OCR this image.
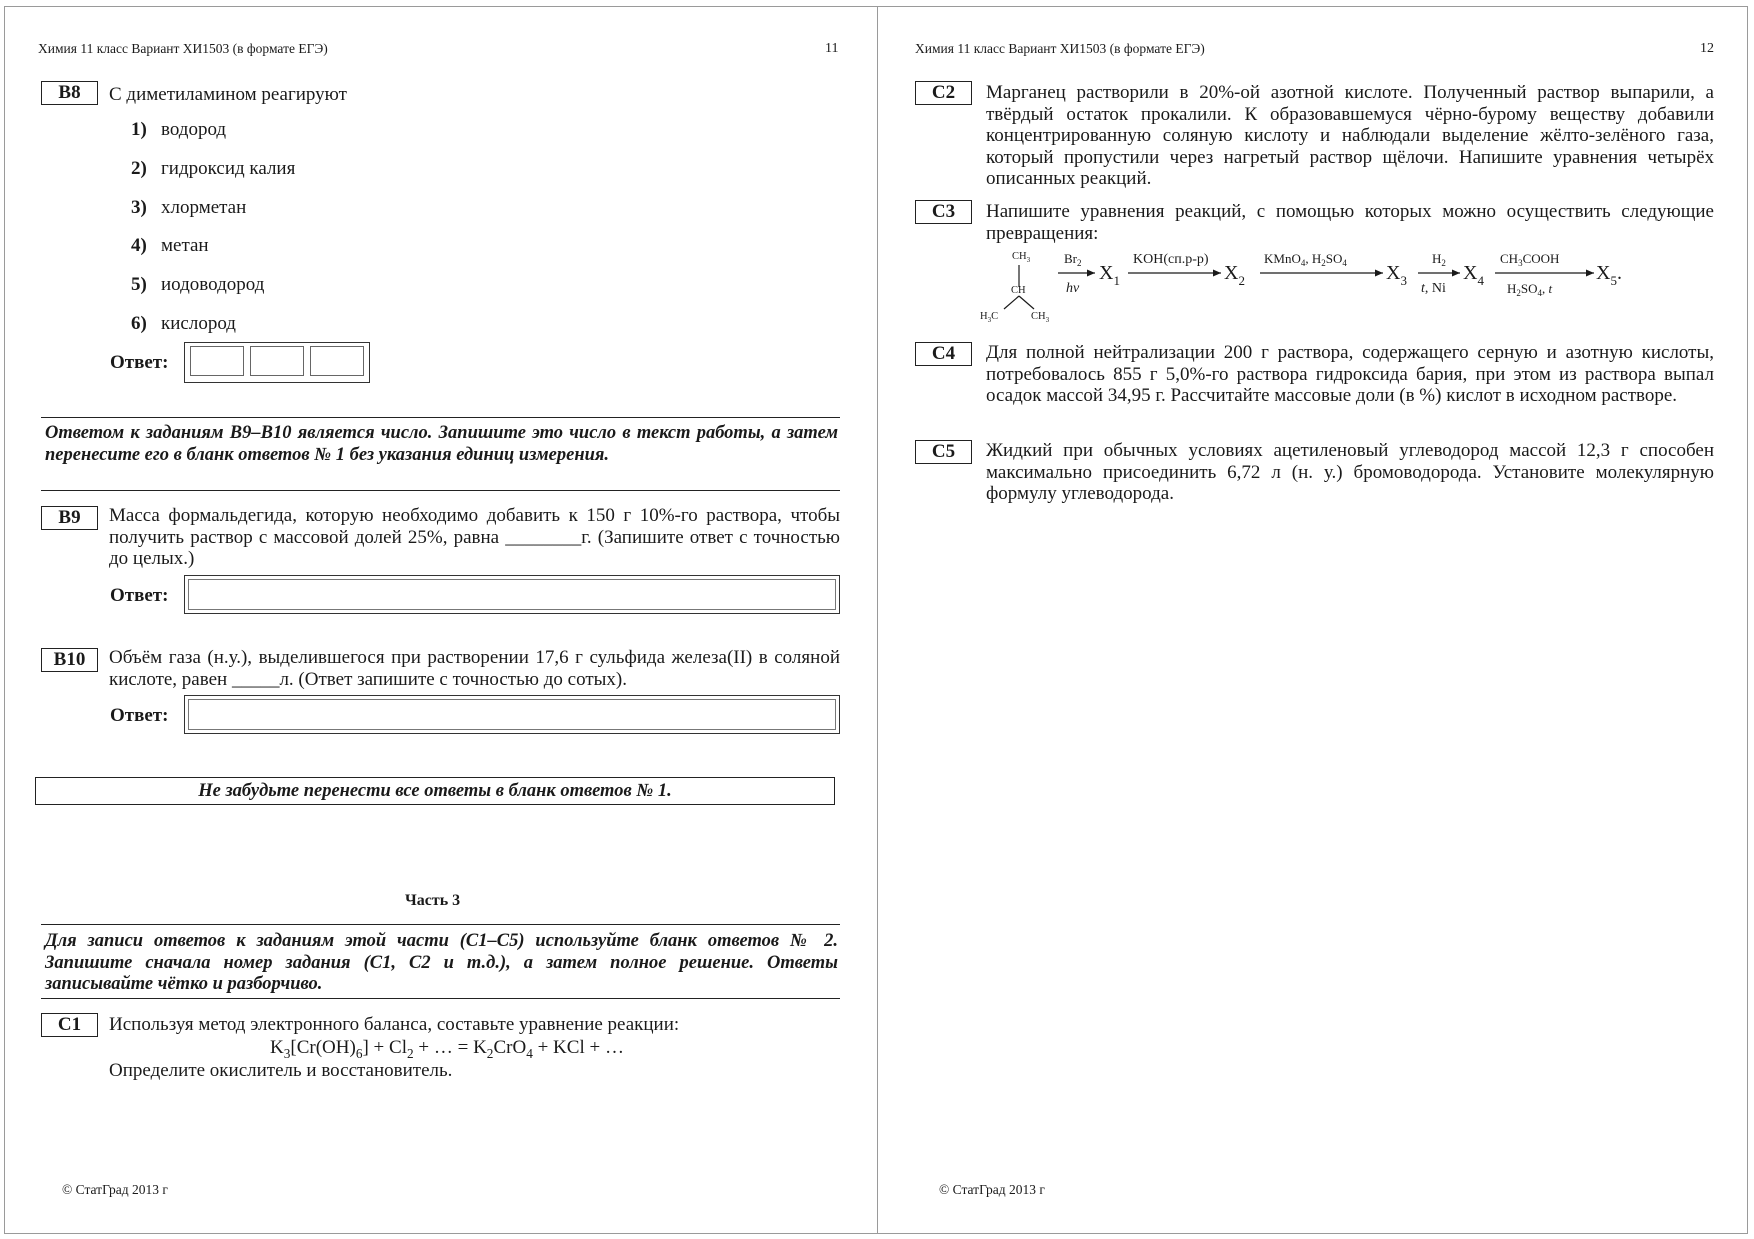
Химия 11 класс Вариант ХИ1503 (в формате ЕГЭ)	11
B8	С диметиламином реагируют
1) водород
2) гидроксид калия
3) хлорметан
4) метан
5) иодоводород
6) кислород
Ответ:
Ответом к заданиям В9–В10 является число. Запишите это число в текст работы, а затем перенесите его в бланк ответов № 1 без указания единиц измерения.
B9	Масса формальдегида, которую необходимо добавить к 150 г 10%-го раствора, чтобы получить раствор с массовой долей 25%, равна ________г. (Запишите ответ с точностью до целых.)
Ответ:
B10	Объём газа (н.у.), выделившегося при растворении 17,6 г сульфида железа(II) в соляной кислоте, равен _____л. (Ответ запишите с точностью до сотых).
Ответ:
Не забудьте перенести все ответы в бланк ответов № 1.
Часть 3
Для записи ответов к заданиям этой части (С1–С5) используйте бланк ответов № 2. Запишите сначала номер задания (С1, С2 и т.д.), а затем полное решение. Ответы записывайте чётко и разборчиво.
C1	Используя метод электронного баланса, составьте уравнение реакции:
$K_3[Cr(OH)_6] + Cl_2$ + … = $K_2CrO_4$ + KCl + …
Определите окислитель и восстановитель.
© СтатГрад 2013 г
Химия 11 класс Вариант ХИ1503 (в формате ЕГЭ)	12
C2	Марганец растворили в 20%-ой азотной кислоте. Полученный раствор выпарили, а твёрдый остаток прокалили. К образовавшемуся чёрно-бурому веществу добавили концентрированную соляную кислоту и наблюдали выделение жёлто-зелёного газа, который пропустили через нагретый раствор щёлочи. Напишите уравнения четырёх описанных реакций.
C3	Напишите уравнения реакций, с помощью которых можно осуществить следующие превращения:
$CH_3$
CH
$H_3C$	$CH_3$
$Br_2$
hv
$X_1$
KOH(сп.р-р)
$X_2$
KMnO$_4$, $H_2SO_4$ $X_3$
$H_2$
t, Ni
$X_4$
$CH_3COOH$
$H_2SO_4$, t
$X_5$.
C4	Для полной нейтрализации 200 г раствора, содержащего серную и азотную кислоты, потребовалось 855 г 5,0%-го раствора гидроксида бария, при этом из раствора выпал осадок массой 34,95 г. Рассчитайте массовые доли (в %) кислот в исходном растворе.
C5	Жидкий при обычных условиях ацетиленовый углеводород массой 12,3 г способен максимально присоединить 6,72 л (н. у.) бромоводорода. Установите молекулярную формулу углеводорода.
© СтатГрад 2013 г
